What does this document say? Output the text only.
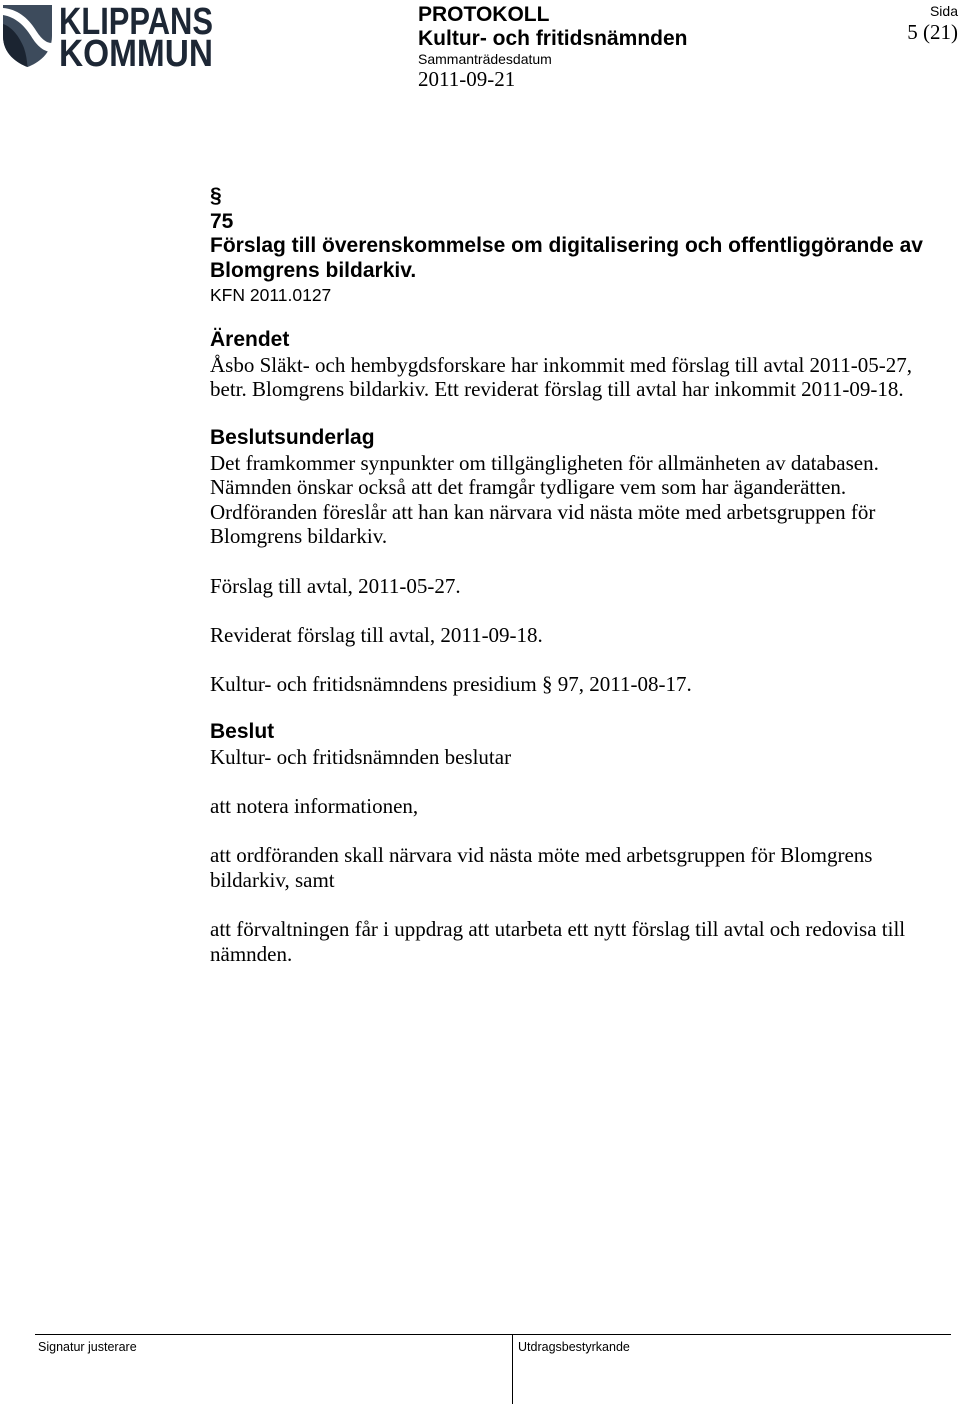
KLIPPANS
KOMMUN
PROTOKOLL
Kultur- och fritidsnämnden
Sammanträdesdatum
2011-09-21
Sida
5 (21)
§
75
Förslag till överenskommelse om digitalisering och offentliggörande av
Blomgrens bildarkiv.
KFN 2011.0127
Ärendet
Åsbo Släkt- och hembygdsforskare har inkommit med förslag till avtal 2011-05-27,
betr. Blomgrens bildarkiv. Ett reviderat förslag till avtal har inkommit 2011-09-18.
Beslutsunderlag
Det framkommer synpunkter om tillgängligheten för allmänheten av databasen.
Nämnden önskar också att det framgår tydligare vem som har äganderätten.
Ordföranden föreslår att han kan närvara vid nästa möte med arbetsgruppen för
Blomgrens bildarkiv.
Förslag till avtal, 2011-05-27.
Reviderat förslag till avtal, 2011-09-18.
Kultur- och fritidsnämndens presidium § 97, 2011-08-17.
Beslut
Kultur- och fritidsnämnden beslutar
att notera informationen,
att ordföranden skall närvara vid nästa möte med arbetsgruppen för Blomgrens
bildarkiv, samt
att förvaltningen får i uppdrag att utarbeta ett nytt förslag till avtal och redovisa till
nämnden.
Signatur justerare	Utdragsbestyrkande
